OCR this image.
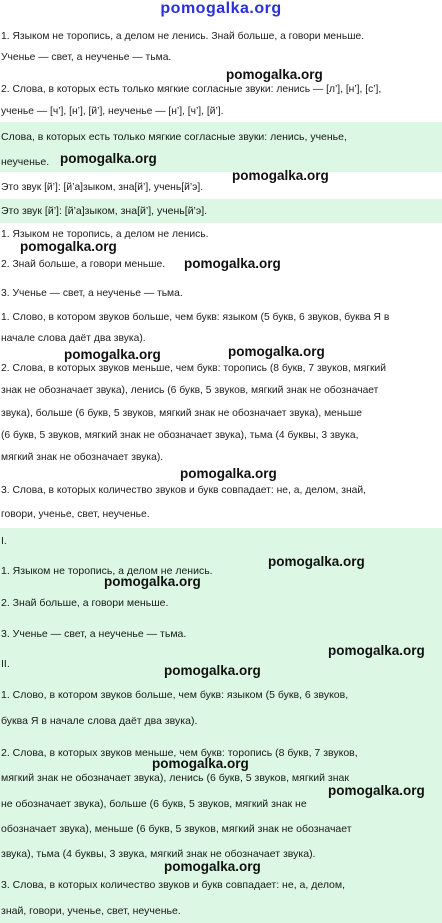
pomogalka.org
1. Языком не торопись, а делом не ленись. Знай больше, а говори меньше.
Ученье — свет, а неученье — тьма.
pomogalka.org
2. Слова, в которых есть только мягкие согласные звуки: ленись — [л’], [н’], [с’],
ученье — [ч’], [н’], [й’], неученье — [н’], [ч’], [й’].
Слова, в которых есть только мягкие согласные звуки: ленись, ученье,
неученье. pomogalka.org
pomogalka.org
Это звук [й’]: [й’а]зыком, зна[й’], учень[й’э].
Это звук [й’]: [й’а]зыком, зна[й’], учень[й’э].
1. Языком не торопись, а делом не ленись.
pomogalka.org
2. Знай больше, а говори меньше. pomogalka.org
3. Ученье — свет, а неученье — тьма.
1. Слово, в котором звуков больше, чем букв: языком (5 букв, 6 звуков, буква Я в
начале слова даёт два звука).
pomogalka.org	pomogalka.org
2. Слова, в которых звуков меньше, чем букв: торопись (8 букв, 7 звуков, мягкий
знак не обозначает звука), ленись (6 букв, 5 звуков, мягкий знак не обозначает
звука), больше (6 букв, 5 звуков, мягкий знак не обозначает звука), меньше
(6 букв, 5 звуков, мягкий знак не обозначает звука), тьма (4 буквы, 3 звука,
мягкий знак не обозначает звука).
pomogalka.org
3. Слова, в которых количество звуков и букв совпадает: не, а, делом, знай,
говори, ученье, свет, неученье.
I.
pomogalka.org
1. Языком не торопись, а делом не ленись.
pomogalka.org
2. Знай больше, а говори меньше.
3. Ученье — свет, а неученье — тьма.
pomogalka.org
II.	pomogalka.org
1. Слово, в котором звуков больше, чем букв: языком (5 букв, 6 звуков,
буква Я в начале слова даёт два звука).
2. Слова, в которых звуков меньше, чем букв: торопись (8 букв, 7 звуков,
pomogalka.org
мягкий знак не обозначает звука), ленись (6 букв, 5 звуков, мягкий знак
pomogalka.org
не обозначает звука), больше (6 букв, 5 звуков, мягкий знак не
обозначает звука), меньше (6 букв, 5 звуков, мягкий знак не обозначает
звука), тьма (4 буквы, 3 звука, мягкий знак не обозначает звука).
pomogalka.org
3. Слова, в которых количество звуков и букв совпадает: не, а, делом,
знай, говори, ученье, свет, неученье.
